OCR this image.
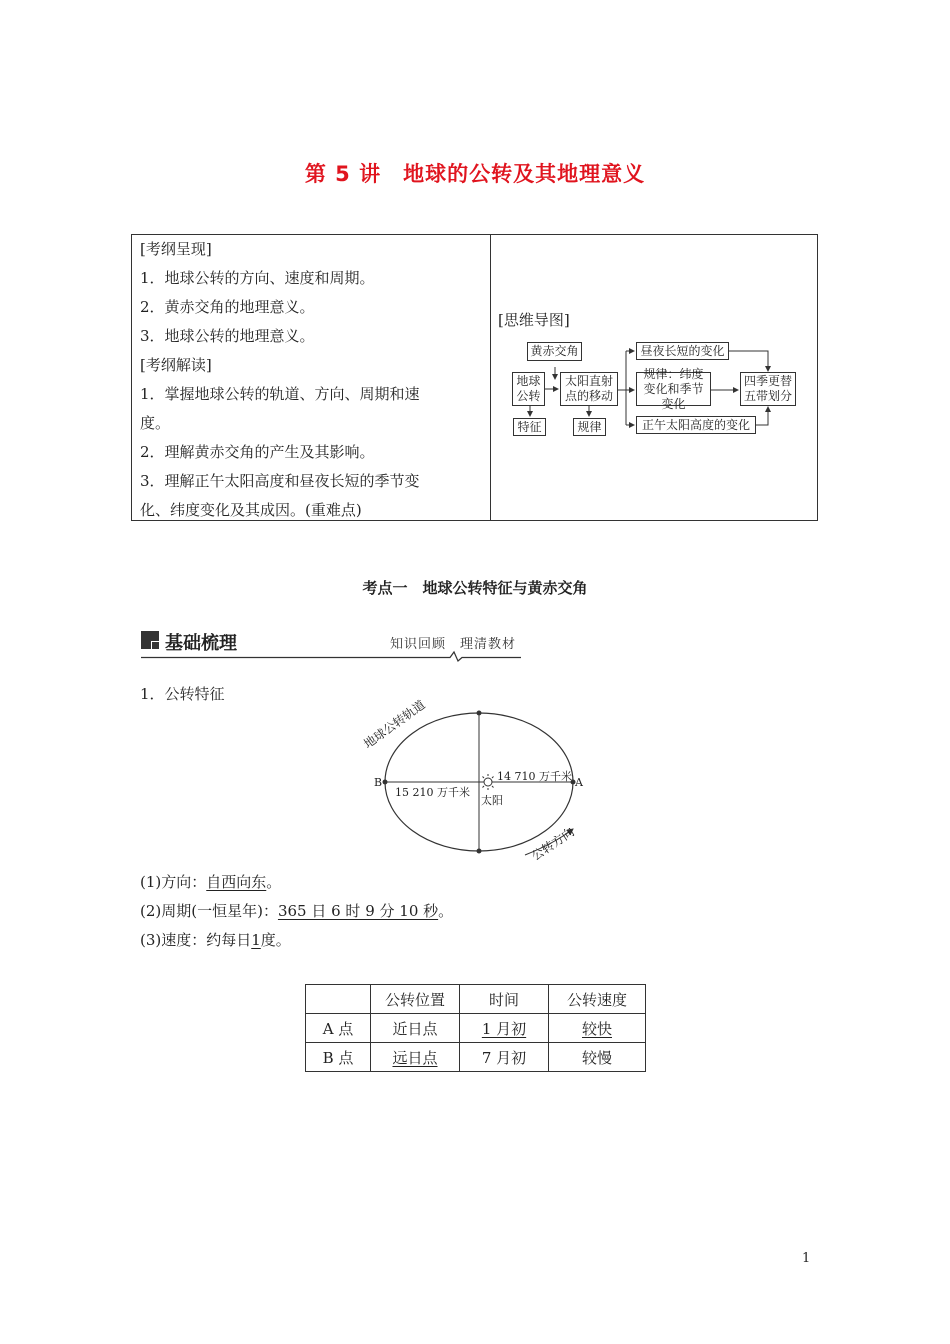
第 5 讲　地球的公转及其地理意义
[考纲呈现]
1．地球公转的方向、速度和周期。
2．黄赤交角的地理意义。
3．地球公转的地理意义。
[考纲解读]
1．掌握地球公转的轨道、方向、周期和速
度。
2．理解黄赤交角的产生及其影响。
3．理解正午太阳高度和昼夜长短的季节变
化、纬度变化及其成因。(重难点)
[思维导图]
黄赤交角
地球公转
太阳直射点的移动
特征	规律
昼夜长短的变化
规律：纬度变化和季节变化
正午太阳高度的变化
四季更替五带划分
考点一　地球公转特征与黄赤交角
基础梳理	知识回顾　理清教材
1．公转特征
地球公转轨道
B	A
15 210 万千米
14 710 万千米
太阳
公转方向
(1)方向：自西向东。
(2)周期(一恒星年)：365 日 6 时 9 分 10 秒。
(3)速度：约每日1度。
	公转位置	时间	公转速度
A 点	近日点	1 月初	较快
B 点	远日点	7 月初	较慢
1
